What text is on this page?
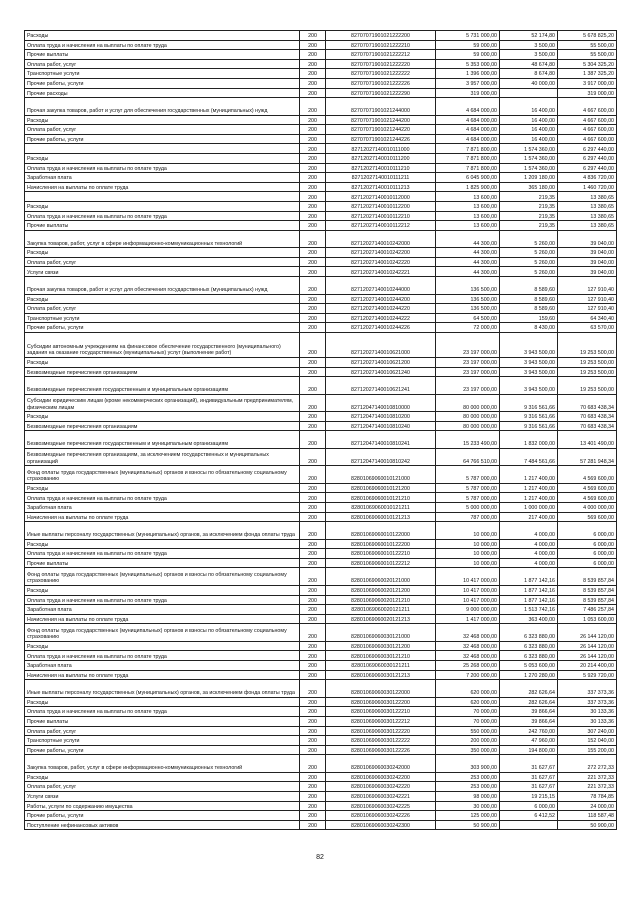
Расходы	200	82707071901021222200	5 731 000,00	52 174,80	5 678 825,20
Оплата труда и начисления на выплаты по оплате труда	200	82707071901021222210	59 000,00	3 500,00	55 500,00
Прочие выплаты	200	82707071901021222212	59 000,00	3 500,00	55 500,00
Оплата работ, услуг	200	82707071901021222220	5 353 000,00	48 674,80	5 304 325,20
Транспортные услуги	200	82707071901021222222	1 396 000,00	8 674,80	1 387 325,20
Прочие работы, услуги	200	82707071901021222226	3 957 000,00	40 000,00	3 917 000,00
Прочие расходы	200	82707071901021222290	319 000,00		319 000,00
Прочая закупка товаров, работ и услуг для обеспечения государственных (муниципальных) нужд	200	82707071901021244000	4 684 000,00	16 400,00	4 667 600,00
Расходы	200	82707071901021244200	4 684 000,00	16 400,00	4 667 600,00
Оплата работ, услуг	200	82707071901021244220	4 684 000,00	16 400,00	4 667 600,00
Прочие работы, услуги	200	82707071901021244226	4 684 000,00	16 400,00	4 667 600,00
	200	82712027140010111000	7 871 800,00	1 574 360,00	6 297 440,00
Расходы	200	82712027140010111200	7 871 800,00	1 574 360,00	6 297 440,00
Оплата труда и начисления на выплаты по оплате труда	200	82712027140010111210	7 871 800,00	1 574 360,00	6 297 440,00
Заработная плата	200	82712027140010111211	6 045 900,00	1 209 180,00	4 836 720,00
Начисления на выплаты по оплате труда	200	82712027140010111213	1 825 900,00	365 180,00	1 460 720,00
	200	82712027140010112000	13 600,00	219,35	13 380,65
Расходы	200	82712027140010112200	13 600,00	219,35	13 380,65
Оплата труда и начисления на выплаты по оплате труда	200	82712027140010112210	13 600,00	219,35	13 380,65
Прочие выплаты	200	82712027140010112212	13 600,00	219,35	13 380,65
Закупка товаров, работ, услуг в сфере информационно-коммуникационных технологий	200	82712027140010242000	44 300,00	5 260,00	39 040,00
Расходы	200	82712027140010242200	44 300,00	5 260,00	39 040,00
Оплата работ, услуг	200	82712027140010242220	44 300,00	5 260,00	39 040,00
Услуги связи	200	82712027140010242221	44 300,00	5 260,00	39 040,00
Прочая закупка товаров, работ и услуг для обеспечения государственных (муниципальных) нужд	200	82712027140010244000	136 500,00	8 589,60	127 910,40
Расходы	200	82712027140010244200	136 500,00	8 589,60	127 910,40
Оплата работ, услуг	200	82712027140010244220	136 500,00	8 589,60	127 910,40
Транспортные услуги	200	82712027140010244222	64 500,00	159,60	64 340,40
Прочие работы, услуги	200	82712027140010244226	72 000,00	8 430,00	63 570,00
Субсидии автономным учреждениям на финансовое обеспечение государственного (муниципального) задания на оказание государственных (муниципальных) услуг (выполнение работ)	200	82712027140010621000	23 197 000,00	3 943 500,00	19 253 500,00
Расходы	200	82712027140010621200	23 197 000,00	3 943 500,00	19 253 500,00
Безвозмездные перечисления организациям	200	82712027140010621240	23 197 000,00	3 943 500,00	19 253 500,00
Безвозмездные перечисления государственным и муниципальным организациям	200	82712027140010621241	23 197 000,00	3 943 500,00	19 253 500,00
Субсидии юридическим лицам (кроме некоммерческих организаций), индивидуальным предпринимателям, физическим лицам	200	82712047140010810000	80 000 000,00	9 316 561,66	70 683 438,34
Расходы	200	82712047140010810200	80 000 000,00	9 316 561,66	70 683 438,34
Безвозмездные перечисления организациям	200	82712047140010810240	80 000 000,00	9 316 561,66	70 683 438,34
Безвозмездные перечисления государственным и муниципальным организациям	200	82712047140010810241	15 233 490,00	1 832 000,00	13 401 490,00
Безвозмездные перечисления организациям, за исключением государственных и муниципальных организаций	200	82712047140010810242	64 766 510,00	7 484 561,66	57 281 948,34
Фонд оплаты труда государственных (муниципальных) органов и взносы по обязательному социальному страхованию	200	82801069060010121000	5 787 000,00	1 217 400,00	4 569 600,00
Расходы	200	82801069060010121200	5 787 000,00	1 217 400,00	4 569 600,00
Оплата труда и начисления на выплаты по оплате труда	200	82801069060010121210	5 787 000,00	1 217 400,00	4 569 600,00
Заработная плата	200	82801069060010121211	5 000 000,00	1 000 000,00	4 000 000,00
Начисления на выплаты по оплате труда	200	82801069060010121213	787 000,00	217 400,00	569 600,00
Иные выплаты персоналу государственных (муниципальных) органов, за исключением фонда оплаты труда	200	82801069060010122000	10 000,00	4 000,00	6 000,00
Расходы	200	82801069060010122200	10 000,00	4 000,00	6 000,00
Оплата труда и начисления на выплаты по оплате труда	200	82801069060010122210	10 000,00	4 000,00	6 000,00
Прочие выплаты	200	82801069060010122212	10 000,00	4 000,00	6 000,00
Фонд оплаты труда государственных (муниципальных) органов и взносы по обязательному социальному страхованию	200	82801069060020121000	10 417 000,00	1 877 142,16	8 539 857,84
Расходы	200	82801069060020121200	10 417 000,00	1 877 142,16	8 539 857,84
Оплата труда и начисления на выплаты по оплате труда	200	82801069060020121210	10 417 000,00	1 877 142,16	8 539 857,84
Заработная плата	200	82801069060020121211	9 000 000,00	1 513 742,16	7 486 257,84
Начисления на выплаты по оплате труда	200	82801069060020121213	1 417 000,00	363 400,00	1 053 600,00
Фонд оплаты труда государственных (муниципальных) органов и взносы по обязательному социальному страхованию	200	82801069060030121000	32 468 000,00	6 323 880,00	26 144 120,00
Расходы	200	82801069060030121200	32 468 000,00	6 323 880,00	26 144 120,00
Оплата труда и начисления на выплаты по оплате труда	200	82801069060030121210	32 468 000,00	6 323 880,00	26 144 120,00
Заработная плата	200	82801069060030121211	25 268 000,00	5 053 600,00	20 214 400,00
Начисления на выплаты по оплате труда	200	82801069060030121213	7 200 000,00	1 270 280,00	5 929 720,00
Иные выплаты персоналу государственных (муниципальных) органов, за исключением фонда оплаты труда	200	82801069060030122000	620 000,00	282 626,64	337 373,36
Расходы	200	82801069060030122200	620 000,00	282 626,64	337 373,36
Оплата труда и начисления на выплаты по оплате труда	200	82801069060030122210	70 000,00	39 866,64	30 133,36
Прочие выплаты	200	82801069060030122212	70 000,00	39 866,64	30 133,36
Оплата работ, услуг	200	82801069060030122220	550 000,00	242 760,00	307 240,00
Транспортные услуги	200	82801069060030122222	200 000,00	47 960,00	152 040,00
Прочие работы, услуги	200	82801069060030122226	350 000,00	194 800,00	155 200,00
Закупка товаров, работ, услуг в сфере информационно-коммуникационных технологий	200	82801069060030242000	303 900,00	31 627,67	272 272,33
Расходы	200	82801069060030242200	253 000,00	31 627,67	221 372,33
Оплата работ, услуг	200	82801069060030242220	253 000,00	31 627,67	221 372,33
Услуги связи	200	82801069060030242221	98 000,00	19 215,15	78 784,85
Работы, услуги по содержанию имущества	200	82801069060030242225	30 000,00	6 000,00	24 000,00
Прочие работы, услуги	200	82801069060030242226	125 000,00	6 412,52	118 587,48
Поступление нефинансовых активов	200	82801069060030242300	50 900,00		50 900,00
82
